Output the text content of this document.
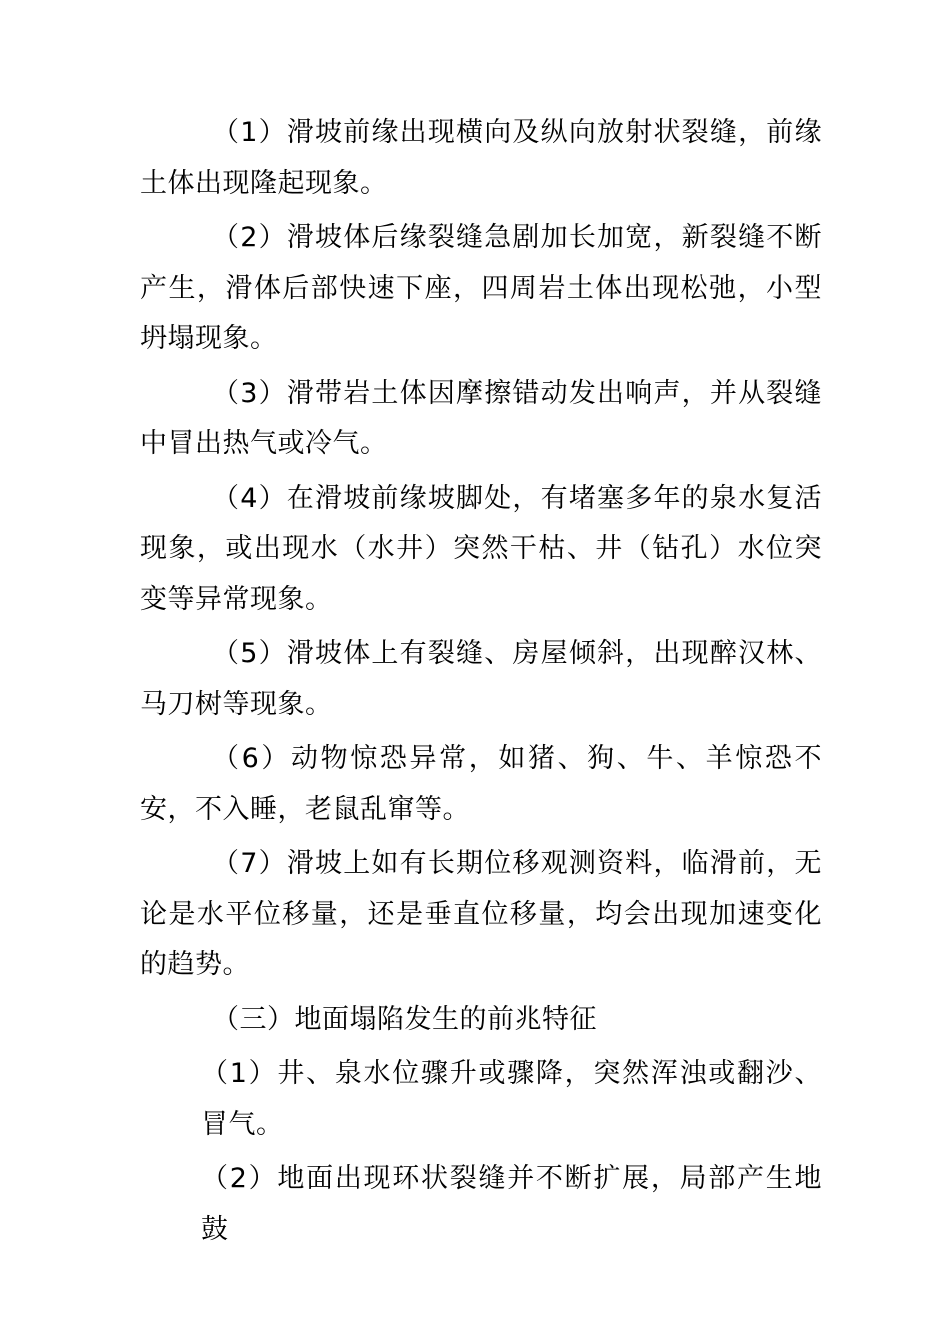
（1）滑坡前缘出现横向及纵向放射状裂缝，前缘土体出现隆起现象。

（2）滑坡体后缘裂缝急剧加长加宽，新裂缝不断产生，滑体后部快速下座，四周岩土体出现松弛，小型坍塌现象。

（3）滑带岩土体因摩擦错动发出响声，并从裂缝中冒出热气或冷气。

（4）在滑坡前缘坡脚处，有堵塞多年的泉水复活现象，或出现水（水井）突然干枯、井（钻孔）水位突变等异常现象。

（5）滑坡体上有裂缝、房屋倾斜，出现醉汉林、马刀树等现象。

（6）动物惊恐异常，如猪、狗、牛、羊惊恐不安，不入睡，老鼠乱窜等。

（7）滑坡上如有长期位移观测资料，临滑前，无论是水平位移量，还是垂直位移量，均会出现加速变化的趋势。

（三）地面塌陷发生的前兆特征

（1）井、泉水位骤升或骤降，突然浑浊或翻沙、冒气。

（2）地面出现环状裂缝并不断扩展，局部产生地鼓
